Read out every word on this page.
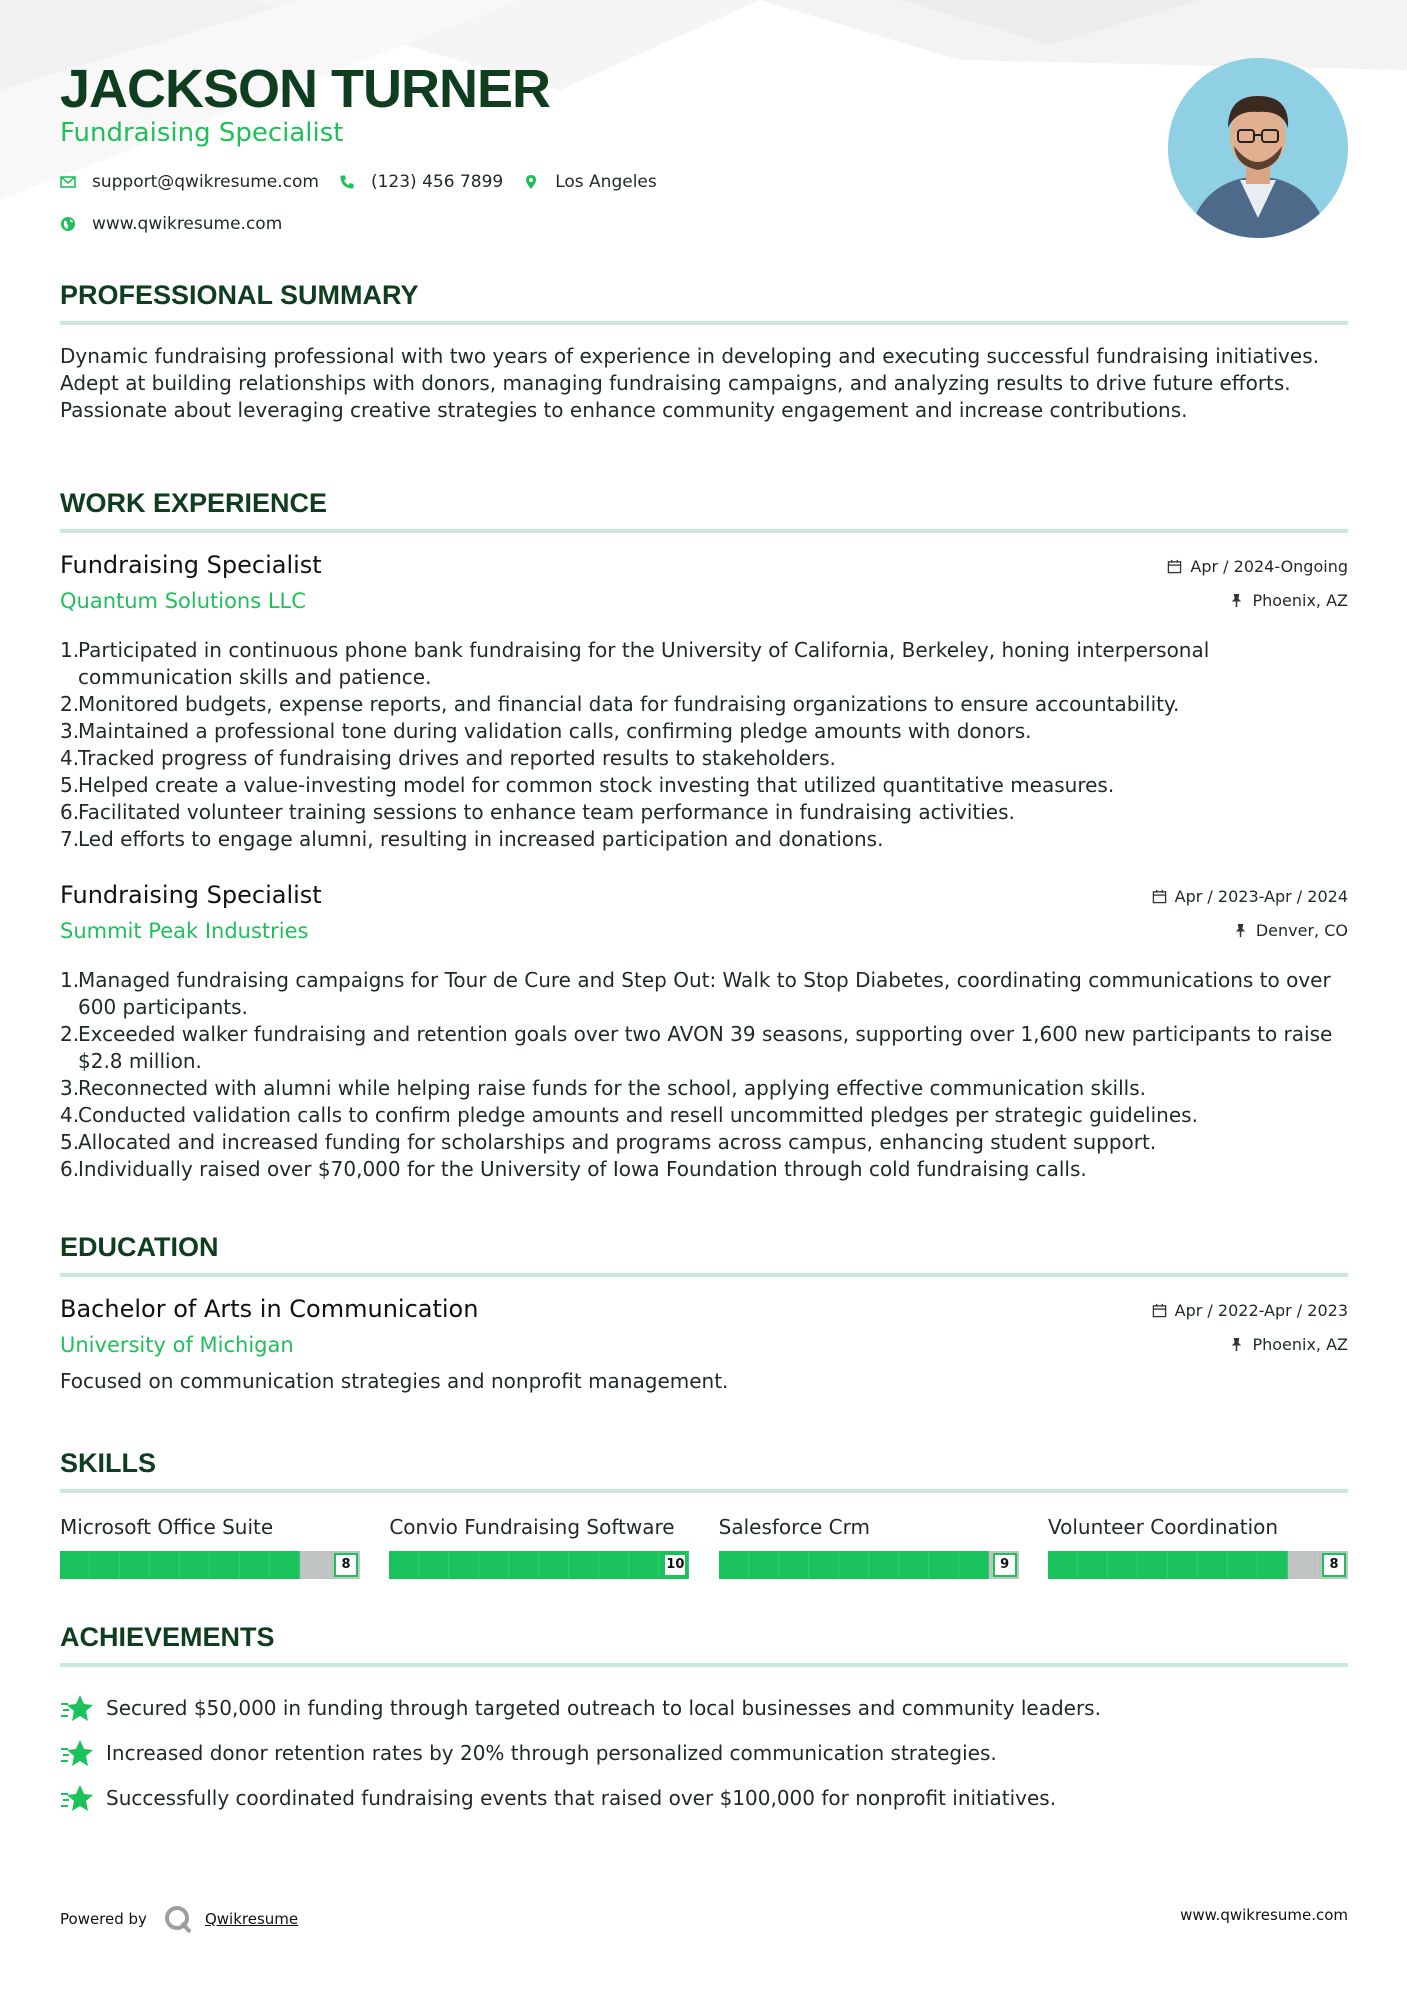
JACKSON TURNER
Fundraising Specialist
support@qwikresume.com	(123) 456 7899	Los Angeles
www.qwikresume.com
PROFESSIONAL SUMMARY

Dynamic fundraising professional with two years of experience in developing and executing successful fundraising initiatives. Adept at building relationships with donors, managing fundraising campaigns, and analyzing results to drive future efforts. Passionate about leveraging creative strategies to enhance community engagement and increase contributions.

WORK EXPERIENCE
Fundraising Specialist
Quantum Solutions LLC
Apr / 2024-Ongoing
Phoenix, AZ
1.
Participated in continuous phone bank fundraising for the University of California, Berkeley, honing interpersonal communication skills and patience.
2.
Monitored budgets, expense reports, and financial data for fundraising organizations to ensure accountability.
3.
Maintained a professional tone during validation calls, confirming pledge amounts with donors.
4.
Tracked progress of fundraising drives and reported results to stakeholders.
5.
Helped create a value-investing model for common stock investing that utilized quantitative measures.
6.
Facilitated volunteer training sessions to enhance team performance in fundraising activities.
7.
Led efforts to engage alumni, resulting in increased participation and donations.
Fundraising Specialist
Summit Peak Industries
Apr / 2023-Apr / 2024
Denver, CO
1.
Managed fundraising campaigns for Tour de Cure and Step Out: Walk to Stop Diabetes, coordinating communications to over 600 participants.
2.
Exceeded walker fundraising and retention goals over two AVON 39 seasons, supporting over 1,600 new participants to raise $2.8 million.
3.
Reconnected with alumni while helping raise funds for the school, applying effective communication skills.
4.
Conducted validation calls to confirm pledge amounts and resell uncommitted pledges per strategic guidelines.
5.
Allocated and increased funding for scholarships and programs across campus, enhancing student support.
6.
Individually raised over $70,000 for the University of Iowa Foundation through cold fundraising calls.
EDUCATION
Bachelor of Arts in Communication
University of Michigan
Apr / 2022-Apr / 2023
Phoenix, AZ

Focused on communication strategies and nonprofit management.

SKILLS
Microsoft Office Suite
8
Convio Fundraising Software
10
Salesforce Crm
9
Volunteer Coordination
8
ACHIEVEMENTS
Secured $50,000 in funding through targeted outreach to local businesses and community leaders.
Increased donor retention rates by 20% through personalized communication strategies.
Successfully coordinated fundraising events that raised over $100,000 for nonprofit initiatives.
Powered by	Qwikresume	www.qwikresume.com
